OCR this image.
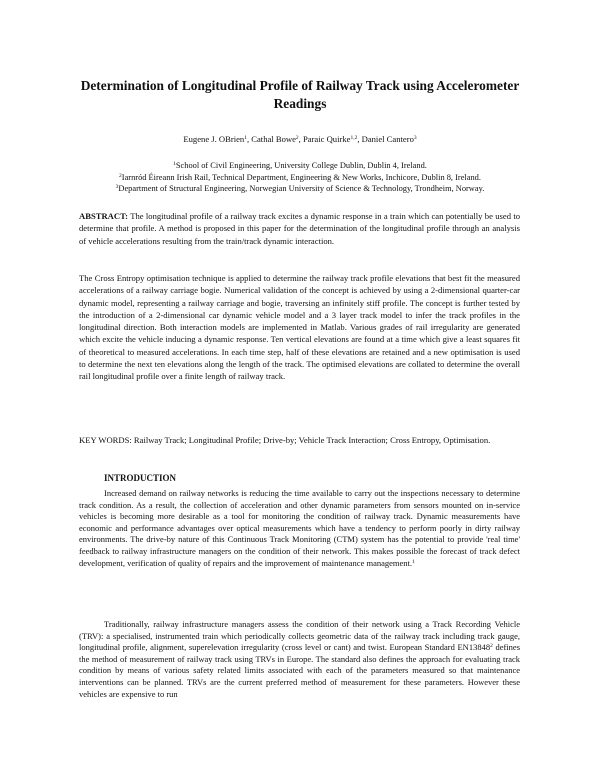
Determination of Longitudinal Profile of Railway Track using Accelerometer Readings
Eugene J. OBrien$^1$, Cathal Bowe$^2$, Paraic Quirke$^{1,2}$, Daniel Cantero$^3$
$^1$School of Civil Engineering, University College Dublin, Dublin 4, Ireland.
$^2$Iarnród Éireann Irish Rail, Technical Department, Engineering & New Works, Inchicore, Dublin 8, Ireland.
$^3$Department of Structural Engineering, Norwegian University of Science & Technology, Trondheim, Norway.
ABSTRACT: The longitudinal profile of a railway track excites a dynamic response in a train which can potentially be used to determine that profile. A method is proposed in this paper for the determination of the longitudinal profile through an analysis of vehicle accelerations resulting from the train/track dynamic interaction.
The Cross Entropy optimisation technique is applied to determine the railway track profile elevations that best fit the measured accelerations of a railway carriage bogie. Numerical validation of the concept is achieved by using a 2-dimensional quarter-car dynamic model, representing a railway carriage and bogie, traversing an infinitely stiff profile. The concept is further tested by the introduction of a 2-dimensional car dynamic vehicle model and a 3 layer track model to infer the track profiles in the longitudinal direction. Both interaction models are implemented in Matlab. Various grades of rail irregularity are generated which excite the vehicle inducing a dynamic response. Ten vertical elevations are found at a time which give a least squares fit of theoretical to measured accelerations. In each time step, half of these elevations are retained and a new optimisation is used to determine the next ten elevations along the length of the track. The optimised elevations are collated to determine the overall rail longitudinal profile over a finite length of railway track.
KEY WORDS: Railway Track; Longitudinal Profile; Drive-by; Vehicle Track Interaction; Cross Entropy, Optimisation.
INTRODUCTION
Increased demand on railway networks is reducing the time available to carry out the inspections necessary to determine track condition. As a result, the collection of acceleration and other dynamic parameters from sensors mounted on in-service vehicles is becoming more desirable as a tool for monitoring the condition of railway track. Dynamic measurements have economic and performance advantages over optical measurements which have a tendency to perform poorly in dirty railway environments. The drive-by nature of this Continuous Track Monitoring (CTM) system has the potential to provide 'real time' feedback to railway infrastructure managers on the condition of their network. This makes possible the forecast of track defect development, verification of quality of repairs and the improvement of maintenance management.$^1$
Traditionally, railway infrastructure managers assess the condition of their network using a Track Recording Vehicle (TRV): a specialised, instrumented train which periodically collects geometric data of the railway track including track gauge, longitudinal profile, alignment, superelevation irregularity (cross level or cant) and twist. European Standard EN13848$^2$ defines the method of measurement of railway track using TRVs in Europe. The standard also defines the approach for evaluating track condition by means of various safety related limits associated with each of the parameters measured so that maintenance interventions can be planned. TRVs are the current preferred method of measurement for these parameters. However these vehicles are expensive to run
